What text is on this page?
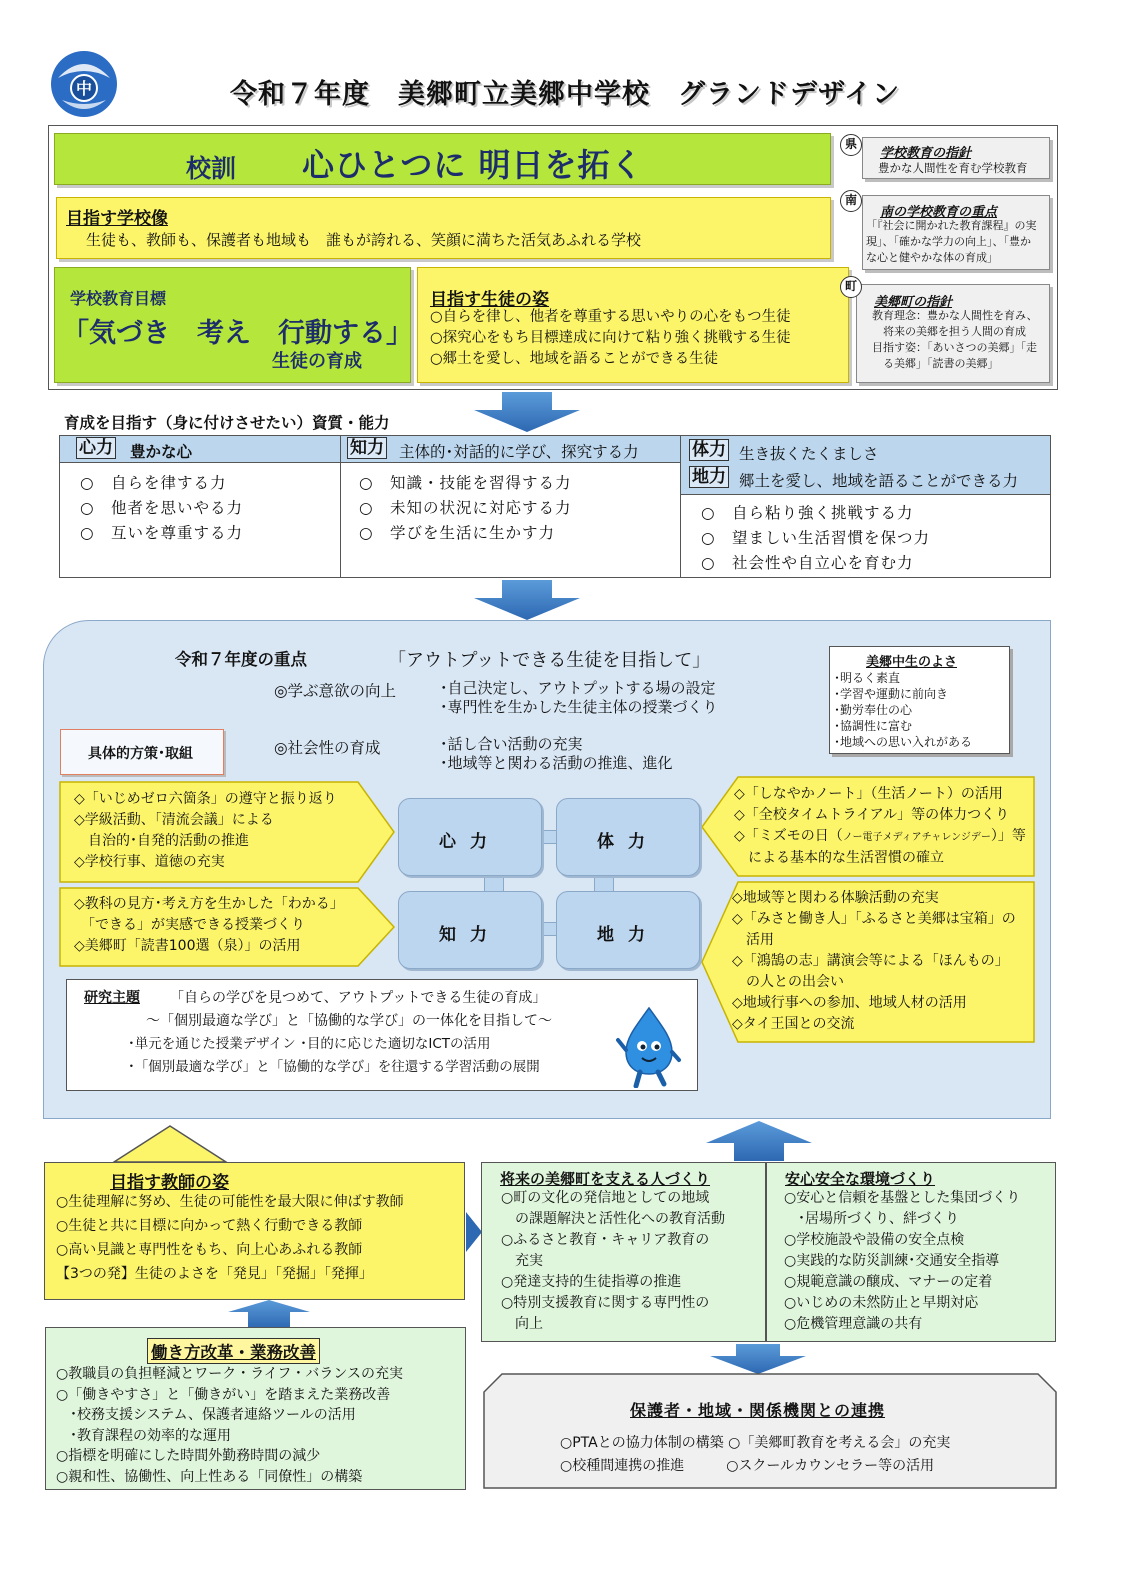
中	令和７年度　美郷町立美郷中学校　グランドデザイン
校訓 心ひとつに 明日を拓く
目指す学校像
生徒も、教師も、保護者も地域も　誰もが誇れる、笑顔に満ちた活気あふれる学校
学校教育目標
「気づき　考え　行動する」
生徒の育成
目指す生徒の姿
○自らを律し、他者を尊重する思いやりの心をもつ生徒
○探究心をもち目標達成に向けて粘り強く挑戦する生徒
○郷土を愛し、地域を語ることができる生徒
県
学校教育の指針
豊かな人間性を育む学校教育
南
南の学校教育の重点
「『社会に開かれた教育課程』の実
現」、「確かな学力の向上」、「豊か
な心と健やかな体の育成」
町
美郷町の指針
教育理念：豊かな人間性を育み、
　将来の美郷を担う人間の育成
目指す姿：「あいさつの美郷」「走
　る美郷」「読書の美郷」
育成を目指す（身に付けさせたい）資質・能力
心力 豊かな心
○　自らを律する力
○　他者を思いやる力
○　互いを尊重する力
知力 主体的･対話的に学び、探究する力
○　知識・技能を習得する力
○　未知の状況に対応する力
○　学びを生活に生かす力
体力 生き抜くたくましさ
地力 郷土を愛し、地域を語ることができる力
○　自ら粘り強く挑戦する力
○　望ましい生活習慣を保つ力
○　社会性や自立心を育む力
令和７年度の重点	「アウトプットできる生徒を目指して」
◎学ぶ意欲の向上	･自己決定し、アウトプットする場の設定
･専門性を生かした生徒主体の授業づくり
◎社会性の育成	･話し合い活動の充実
･地域等と関わる活動の推進、進化
具体的方策･取組
美郷中生のよさ
･明るく素直
･学習や運動に前向き
･勤労奉仕の心
･協調性に富む
･地域への思い入れがある
◇「いじめゼロ六箇条」の遵守と振り返り
◇学級活動、「清流会議」による
　自治的･自発的活動の推進
◇学校行事、道徳の充実
◇教科の見方･考え方を生かした「わかる」
　「できる」が実感できる授業づくり
◇美郷町「読書100選（泉）」の活用
◇「しなやかノート」（生活ノート）の活用
◇「全校タイムトライアル」等の体力つくり
◇「ミズモの日（ノー電子メディアチャレンジデー）」等
　による基本的な生活習慣の確立
◇地域等と関わる体験活動の充実
◇「みさと働き人」「ふるさと美郷は宝箱」の
　活用
◇「鴻鵠の志」講演会等による「ほんもの」
　の人との出会い
◇地域行事への参加、地域人材の活用
◇タイ王国との交流
心力	体力
知力	地力
研究主題 「自らの学びを見つめて、アウトプットできる生徒の育成」
～「個別最適な学び」と「協働的な学び」の一体化を目指して～
･単元を通じた授業デザイン ･目的に応じた適切なICTの活用
･「個別最適な学び」と「協働的な学び」を往還する学習活動の展開
目指す教師の姿
○生徒理解に努め、生徒の可能性を最大限に伸ばす教師
○生徒と共に目標に向かって熱く行動できる教師
○高い見識と専門性をもち、向上心あふれる教師
【3つの発】生徒のよさを「発見」「発掘」「発揮」
働き方改革・業務改善
○教職員の負担軽減とワーク・ライフ・バランスの充実
○「働きやすさ」と「働きがい」を踏まえた業務改善
　･校務支援システム、保護者連絡ツールの活用
　･教育課程の効率的な運用
○指標を明確にした時間外勤務時間の減少
○親和性、協働性、向上性ある「同僚性」の構築
将来の美郷町を支える人づくり
○町の文化の発信地としての地域
　の課題解決と活性化への教育活動
○ふるさと教育・キャリア教育の
　充実
○発達支持的生徒指導の推進
○特別支援教育に関する専門性の
　向上
安心安全な環境づくり
○安心と信頼を基盤とした集団づくり
　･居場所づくり、絆づくり
○学校施設や設備の安全点検
○実践的な防災訓練･交通安全指導
○規範意識の醸成、マナーの定着
○いじめの未然防止と早期対応
○危機管理意識の共有
保護者・地域・関係機関との連携
○PTAとの協力体制の構築 ○「美郷町教育を考える会」の充実
○校種間連携の推進　　　○スクールカウンセラー等の活用
